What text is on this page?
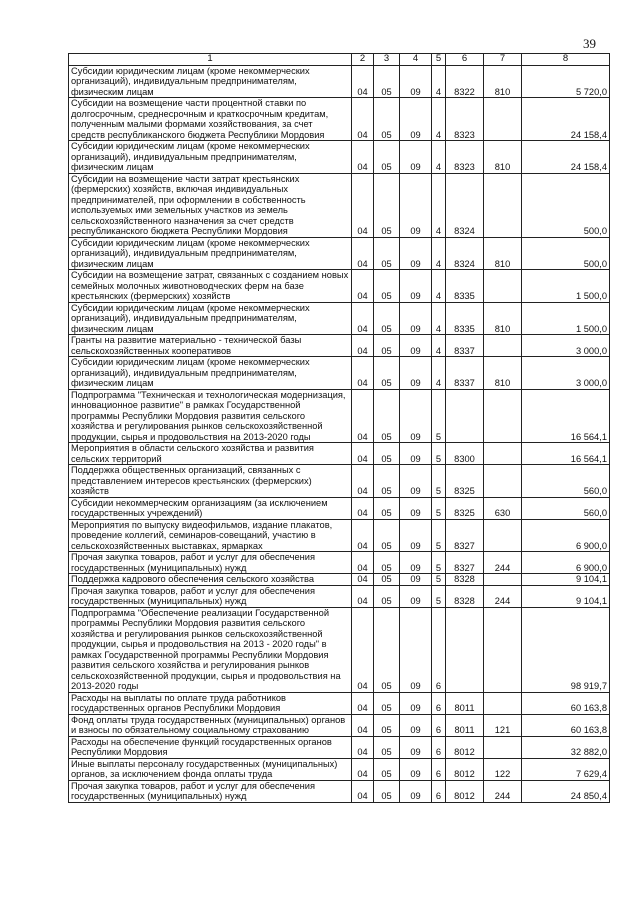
39
1	2	3	4	5	6	7	8
Субсидии юридическим лицам (кроме некоммерческих организаций), индивидуальным предпринимателям, физическим лицам	04	05	09	4	8322	810	5 720,0
Субсидии на возмещение части процентной ставки по долгосрочным, среднесрочным и краткосрочным кредитам, полученным малыми формами хозяйствования, за счет средств республиканского бюджета Республики Мордовия	04	05	09	4	8323		24 158,4
Субсидии юридическим лицам (кроме некоммерческих организаций), индивидуальным предпринимателям, физическим лицам	04	05	09	4	8323	810	24 158,4
Субсидии на возмещение части затрат крестьянских (фермерских) хозяйств, включая индивидуальных предпринимателей, при оформлении в собственность используемых ими земельных участков из земель сельскохозяйственного назначения за счет средств республиканского бюджета Республики Мордовия	04	05	09	4	8324		500,0
Субсидии юридическим лицам (кроме некоммерческих организаций), индивидуальным предпринимателям, физическим лицам	04	05	09	4	8324	810	500,0
Субсидии на возмещение затрат, связанных с созданием новых семейных молочных животноводческих ферм на базе крестьянских (фермерских) хозяйств	04	05	09	4	8335		1 500,0
Субсидии юридическим лицам (кроме некоммерческих организаций), индивидуальным предпринимателям, физическим лицам	04	05	09	4	8335	810	1 500,0
Гранты на развитие материально - технической базы сельскохозяйственных кооперативов	04	05	09	4	8337		3 000,0
Субсидии юридическим лицам (кроме некоммерческих организаций), индивидуальным предпринимателям, физическим лицам	04	05	09	4	8337	810	3 000,0
Подпрограмма "Техническая и технологическая модернизация, инновационное развитие" в рамках Государственной программы Республики Мордовия развития сельского хозяйства и регулирования рынков сельскохозяйственной продукции, сырья и продовольствия на 2013-2020 годы	04	05	09	5			16 564,1
Мероприятия в области сельского хозяйства и развития сельских территорий	04	05	09	5	8300		16 564,1
Поддержка общественных организаций, связанных с представлением интересов крестьянских (фермерских) хозяйств	04	05	09	5	8325		560,0
Субсидии некоммерческим организациям (за исключением государственных учреждений)	04	05	09	5	8325	630	560,0
Мероприятия по выпуску видеофильмов, издание плакатов, проведение коллегий, семинаров-совещаний, участию в сельскохозяйственных выставках, ярмарках	04	05	09	5	8327		6 900,0
Прочая закупка товаров, работ и услуг для обеспечения государственных (муниципальных) нужд	04	05	09	5	8327	244	6 900,0
Поддержка кадрового обеспечения сельского хозяйства	04	05	09	5	8328		9 104,1
Прочая закупка товаров, работ и услуг для обеспечения государственных (муниципальных) нужд	04	05	09	5	8328	244	9 104,1
Подпрограмма "Обеспечение реализации Государственной программы Республики Мордовия развития сельского хозяйства и регулирования рынков сельскохозяйственной продукции, сырья и продовольствия на 2013 - 2020 годы" в рамках Государственной программы Республики Мордовия развития сельского хозяйства и регулирования рынков сельскохозяйственной продукции, сырья и продовольствия на 2013-2020 годы	04	05	09	6			98 919,7
Расходы на выплаты по оплате труда работников государственных органов Республики Мордовия	04	05	09	6	8011		60 163,8
Фонд оплаты труда государственных (муниципальных) органов и взносы по обязательному социальному страхованию	04	05	09	6	8011	121	60 163,8
Расходы на обеспечение функций государственных органов Республики Мордовия	04	05	09	6	8012		32 882,0
Иные выплаты персоналу государственных (муниципальных) органов, за исключением фонда оплаты труда	04	05	09	6	8012	122	7 629,4
Прочая закупка товаров, работ и услуг для обеспечения государственных (муниципальных) нужд	04	05	09	6	8012	244	24 850,4
